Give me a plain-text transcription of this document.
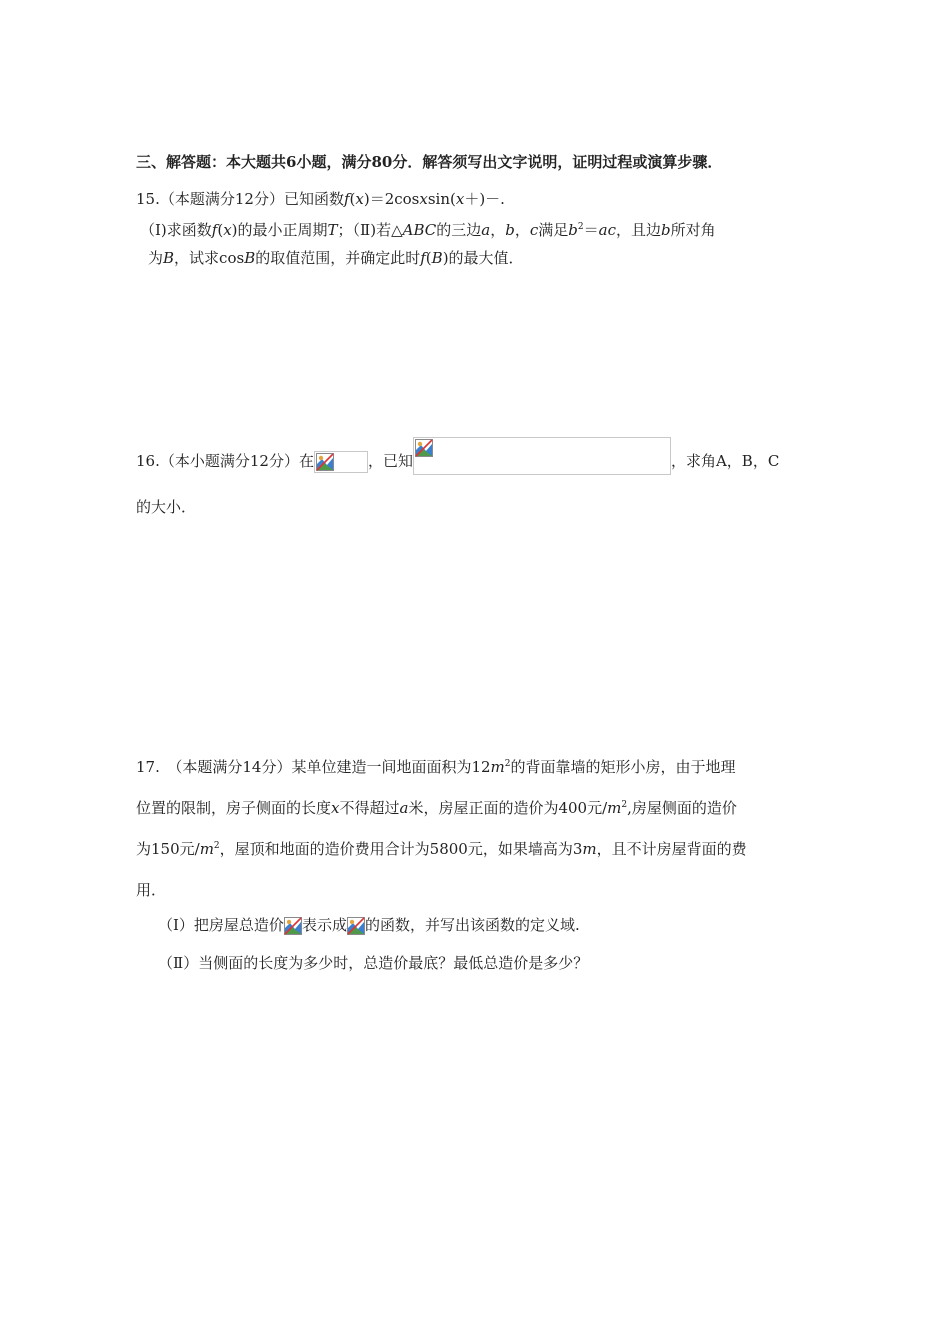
三、解答题：本大题共6小题，满分80分．解答须写出文字说明，证明过程或演算步骤．
15.（本题满分12分）已知函数f(x)＝2cosxsin(x＋)－.
（Ⅰ)求函数f(x)的最小正周期T；（Ⅱ)若△ABC的三边a，b，c满足$b^2=ac$，且边b所对角
为B，试求cosB的取值范围，并确定此时f(B)的最大值．
16.（本小题满分12分）在	，已知	，求角A，B，C
的大小．
17.　（本题满分14分）某单位建造一间地面面积为$12m^2$的背面靠墙的矩形小房，由于地理
位置的限制，房子侧面的长度x不得超过a米，房屋正面的造价为400元$/m^2$,房屋侧面的造价
为150元$/m^2$，屋顶和地面的造价费用合计为5800元，如果墙高为3m，且不计房屋背面的费
用．
（Ⅰ）把房屋总造价 表示成 的函数，并写出该函数的定义域.
（Ⅱ）当侧面的长度为多少时，总造价最底？最低总造价是多少？
